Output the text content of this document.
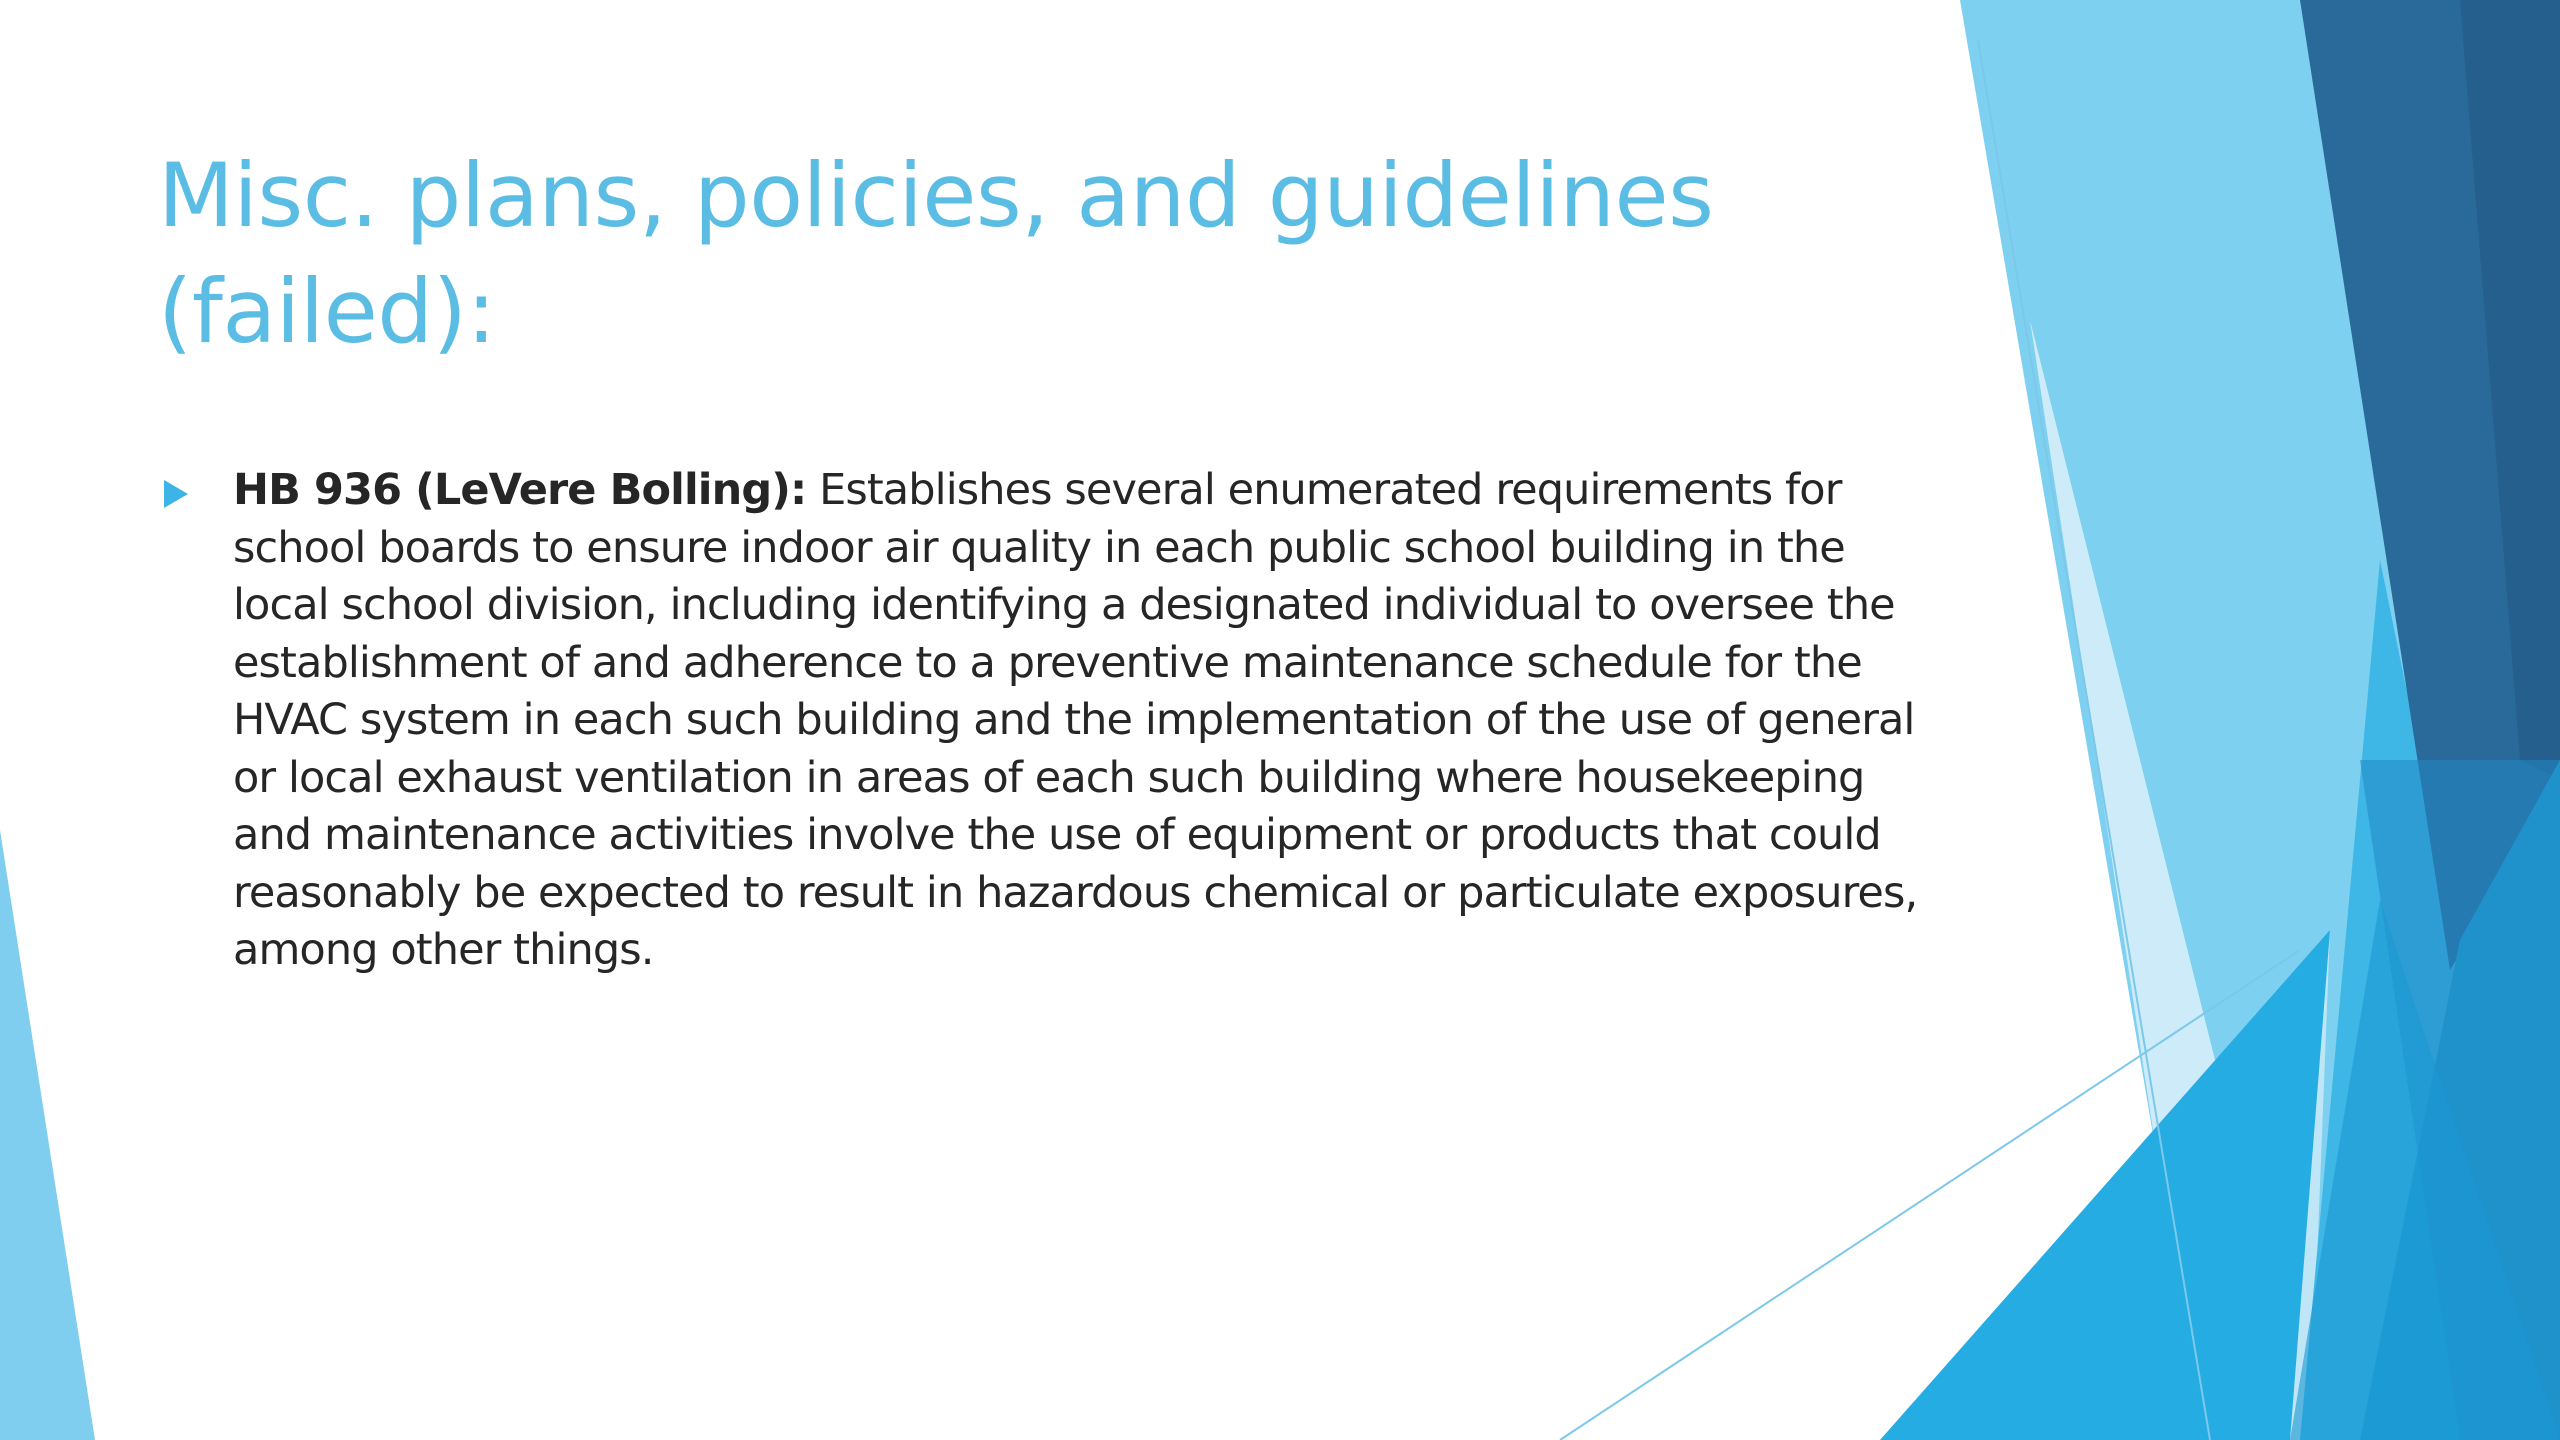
Misc. plans, policies, and guidelines
(failed):
HB 936 (LeVere Bolling): Establishes several enumerated requirements for school boards to ensure indoor air quality in each public school building in the local school division, including identifying a designated individual to oversee the establishment of and adherence to a preventive maintenance schedule for the HVAC system in each such building and the implementation of the use of general or local exhaust ventilation in areas of each such building where housekeeping and maintenance activities involve the use of equipment or products that could reasonably be expected to result in hazardous chemical or particulate exposures, among other things.
